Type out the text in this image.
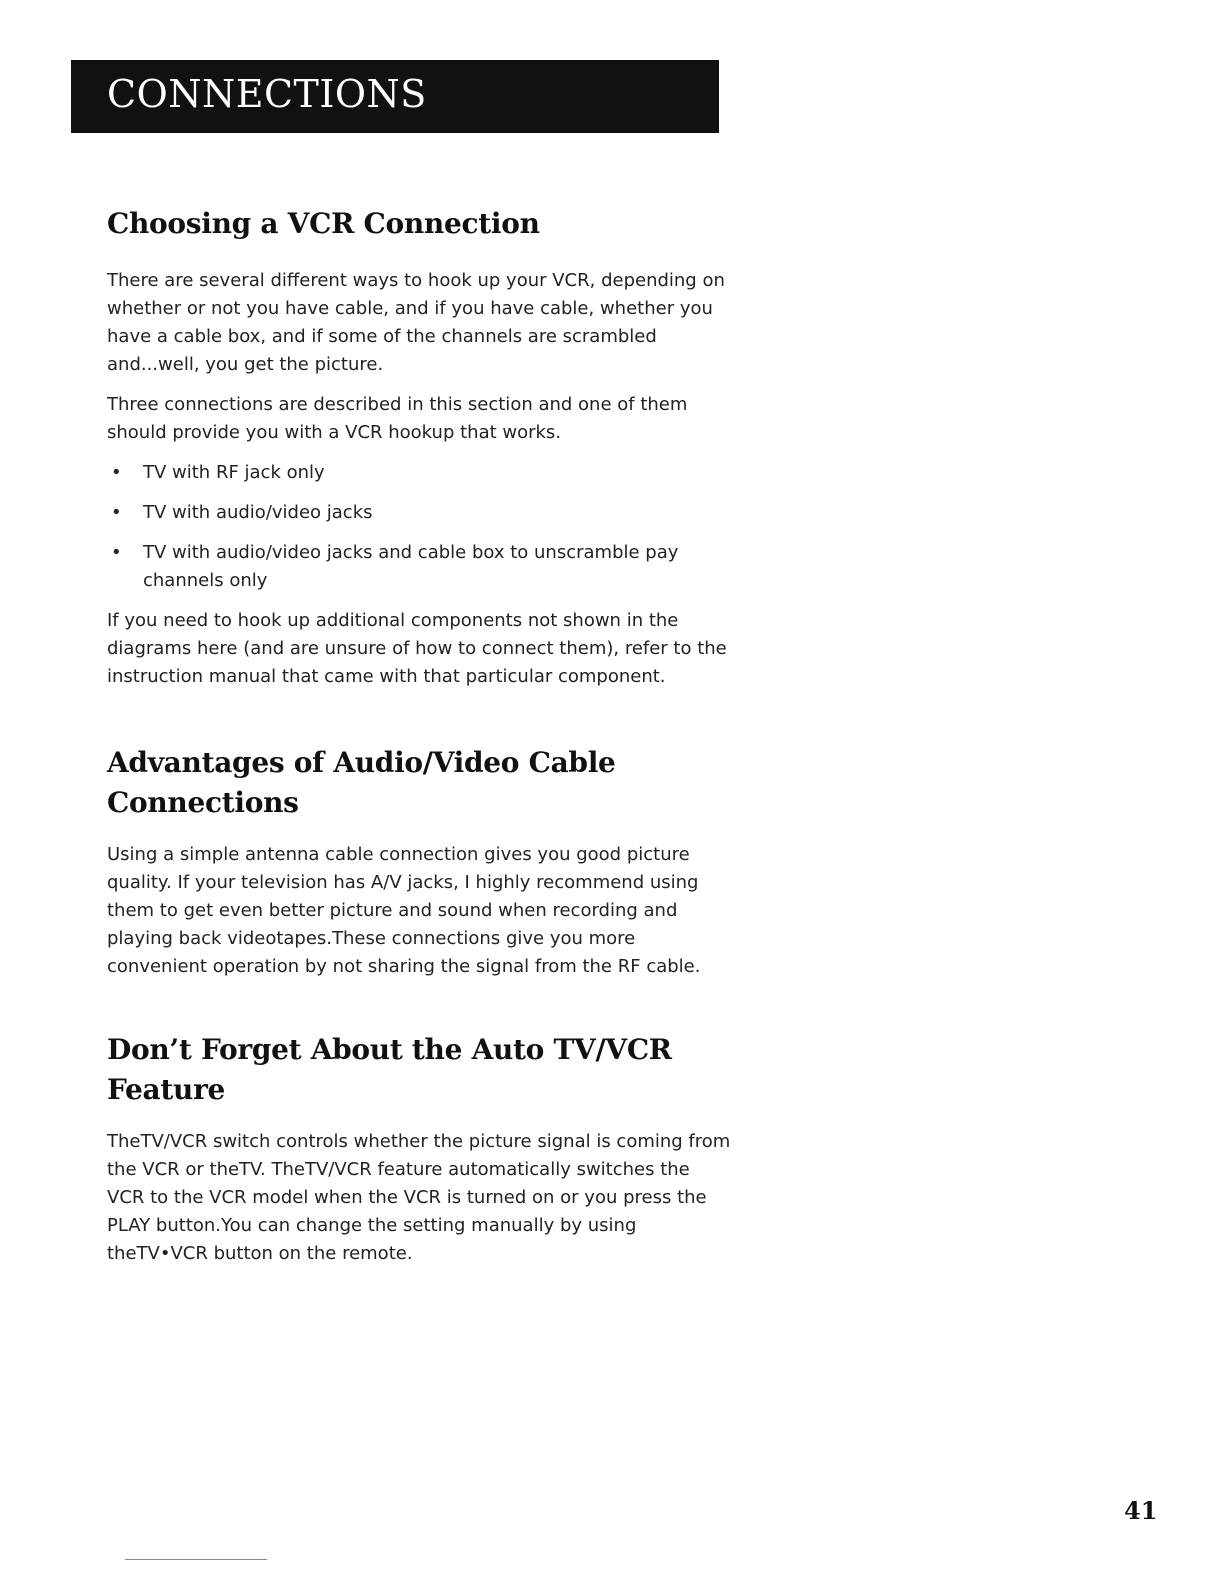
CONNECTIONS
Choosing a VCR Connection

There are several different ways to hook up your VCR, depending on whether or not you have cable, and if you have cable, whether you have a cable box, and if some of the channels are scrambled and...well, you get the picture.

Three connections are described in this section and one of them should provide you with a VCR hookup that works.

• TV with RF jack only
• TV with audio/video jacks
• TV with audio/video jacks and cable box to unscramble pay channels only

If you need to hook up additional components not shown in the diagrams here (and are unsure of how to connect them), refer to the instruction manual that came with that particular component.

Advantages of Audio/Video Cable Connections

Using a simple antenna cable connection gives you good picture quality. If your television has A/V jacks, I highly recommend using them to get even better picture and sound when recording and playing back videotapes.These connections give you more convenient operation by not sharing the signal from the RF cable.

Don’t Forget About the Auto TV/VCR Feature

TheTV/VCR switch controls whether the picture signal is coming from the VCR or theTV. TheTV/VCR feature automatically switches the VCR to the VCR model when the VCR is turned on or you press the PLAY button.You can change the setting manually by using theTV•VCR button on the remote.

41
